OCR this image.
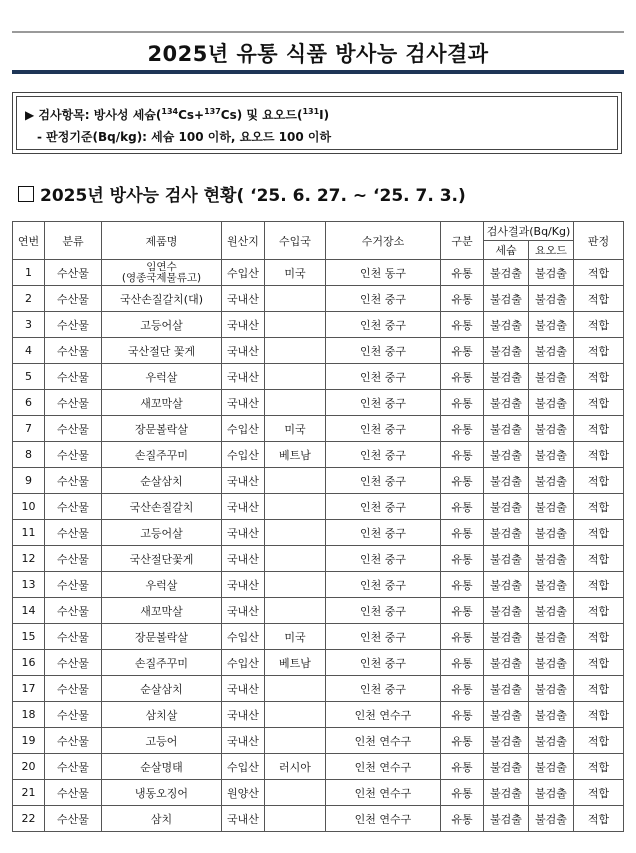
2025년 유통 식품 방사능 검사결과
▶ 검사항목: 방사성 세슘($^{134}$Cs+$^{137}$Cs) 및 요오드($^{131}$I)
- 판정기준(Bq/kg): 세슘 100 이하, 요오드 100 이하
2025년 방사능 검사 현황( ‘25. 6. 27. ~ ‘25. 7. 3.)
연번	분류	제품명	원산지	수입국	수거장소	구분	검사결과(Bq/Kg)		판정
							세슘	요오드	
1	수산물	임연수
(영종국제물류고)	수입산	미국	인천 동구	유통	불검출	불검출	적합
2	수산물	국산손질갈치(대)	국내산		인천 중구	유통	불검출	불검출	적합
3	수산물	고등어살	국내산		인천 중구	유통	불검출	불검출	적합
4	수산물	국산절단 꽃게	국내산		인천 중구	유통	불검출	불검출	적합
5	수산물	우럭살	국내산		인천 중구	유통	불검출	불검출	적합
6	수산물	새꼬막살	국내산		인천 중구	유통	불검출	불검출	적합
7	수산물	장문볼락살	수입산	미국	인천 중구	유통	불검출	불검출	적합
8	수산물	손질주꾸미	수입산	베트남	인천 중구	유통	불검출	불검출	적합
9	수산물	순살삼치	국내산		인천 중구	유통	불검출	불검출	적합
10	수산물	국산손질갈치	국내산		인천 중구	유통	불검출	불검출	적합
11	수산물	고등어살	국내산		인천 중구	유통	불검출	불검출	적합
12	수산물	국산절단꽃게	국내산		인천 중구	유통	불검출	불검출	적합
13	수산물	우럭살	국내산		인천 중구	유통	불검출	불검출	적합
14	수산물	새꼬막살	국내산		인천 중구	유통	불검출	불검출	적합
15	수산물	장문볼락살	수입산	미국	인천 중구	유통	불검출	불검출	적합
16	수산물	손질주꾸미	수입산	베트남	인천 중구	유통	불검출	불검출	적합
17	수산물	순살삼치	국내산		인천 중구	유통	불검출	불검출	적합
18	수산물	삼치살	국내산		인천 연수구	유통	불검출	불검출	적합
19	수산물	고등어	국내산		인천 연수구	유통	불검출	불검출	적합
20	수산물	순살명태	수입산	러시아	인천 연수구	유통	불검출	불검출	적합
21	수산물	냉동오징어	원양산		인천 연수구	유통	불검출	불검출	적합
22	수산물	삼치	국내산		인천 연수구	유통	불검출	불검출	적합
